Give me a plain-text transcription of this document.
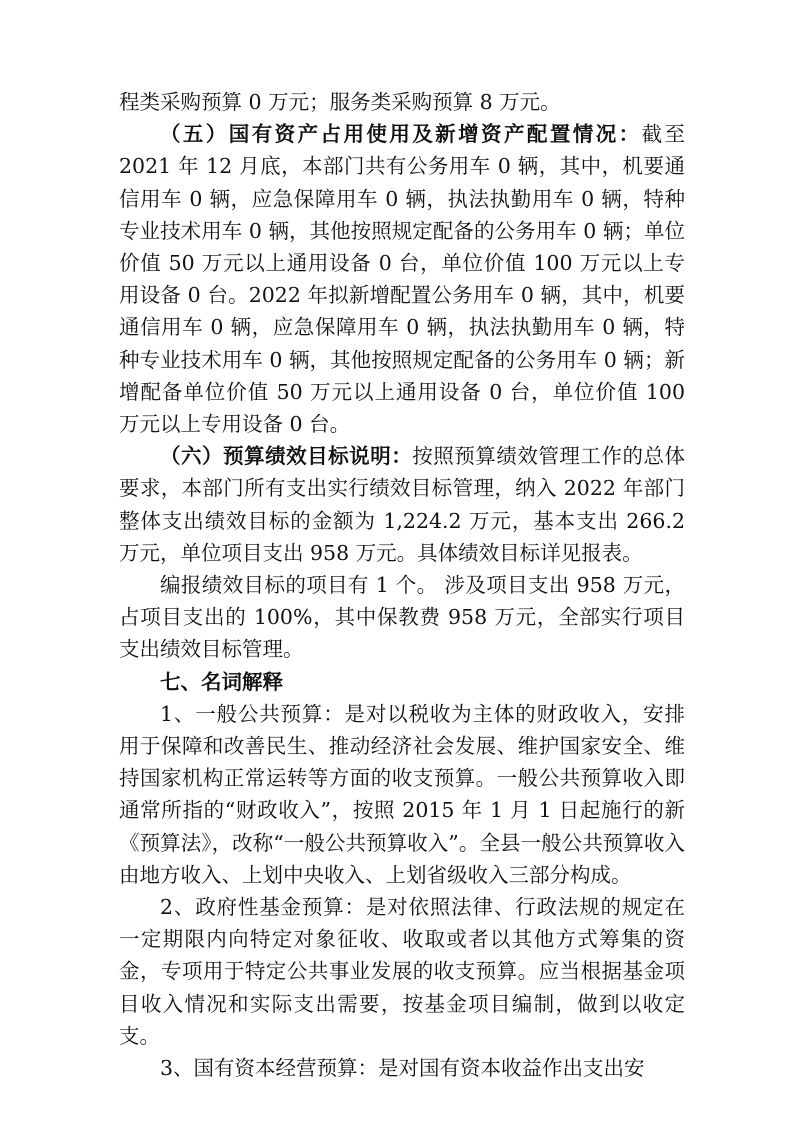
程类采购预算 0 万元；服务类采购预算 8 万元。

（五）国有资产占用使用及新增资产配置情况：截至 2021 年 12 月底，本部门共有公务用车 0 辆，其中，机要通信用车 0 辆，应急保障用车 0 辆，执法执勤用车 0 辆，特种专业技术用车 0 辆，其他按照规定配备的公务用车 0 辆；单位价值 50 万元以上通用设备 0 台，单位价值 100 万元以上专用设备 0 台。2022 年拟新增配置公务用车 0 辆，其中，机要通信用车 0 辆，应急保障用车 0 辆，执法执勤用车 0 辆，特种专业技术用车 0 辆，其他按照规定配备的公务用车 0 辆；新增配备单位价值 50 万元以上通用设备 0 台，单位价值 100 万元以上专用设备 0 台。

（六）预算绩效目标说明：按照预算绩效管理工作的总体要求，本部门所有支出实行绩效目标管理，纳入 2022 年部门整体支出绩效目标的金额为 1,224.2 万元，基本支出 266.2 万元，单位项目支出 958 万元。具体绩效目标详见报表。

编报绩效目标的项目有 1 个。 涉及项目支出 958 万元，占项目支出的 100%，其中保教费 958 万元，全部实行项目支出绩效目标管理。

七、名词解释

1、一般公共预算：是对以税收为主体的财政收入，安排用于保障和改善民生、推动经济社会发展、维护国家安全、维持国家机构正常运转等方面的收支预算。一般公共预算收入即通常所指的“财政收入”，按照 2015 年 1 月 1 日起施行的新《预算法》，改称“一般公共预算收入”。全县一般公共预算收入由地方收入、上划中央收入、上划省级收入三部分构成。

2、政府性基金预算：是对依照法律、行政法规的规定在一定期限内向特定对象征收、收取或者以其他方式筹集的资金，专项用于特定公共事业发展的收支预算。应当根据基金项目收入情况和实际支出需要，按基金项目编制，做到以收定支。

3、国有资本经营预算：是对国有资本收益作出支出安
